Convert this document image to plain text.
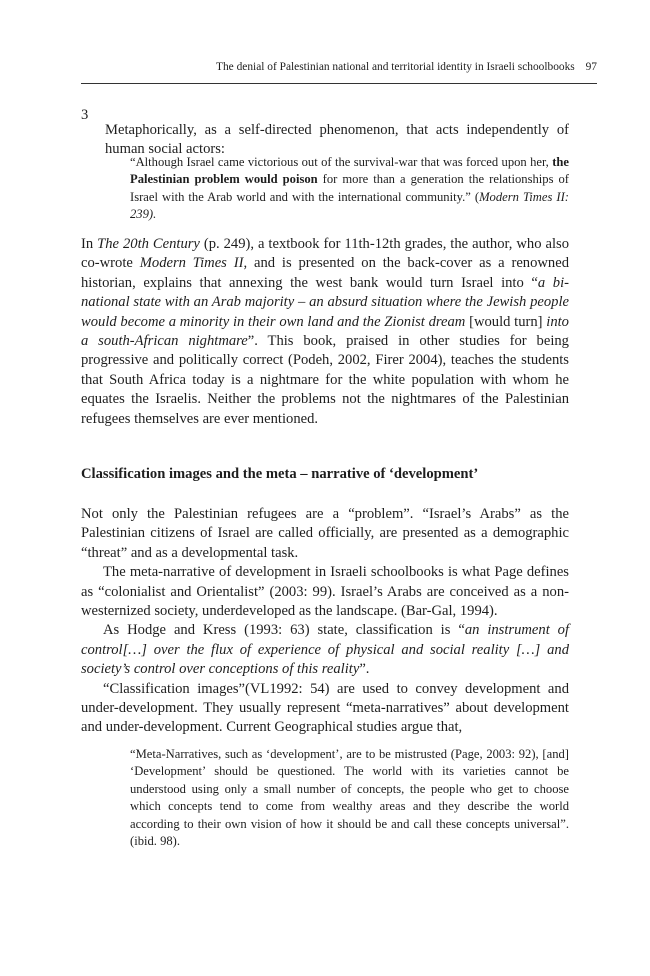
The denial of Palestinian national and territorial identity in Israeli schoolbooks 97
3

Metaphorically, as a self-directed phenomenon, that acts independently of human social actors:

“Although Israel came victorious out of the survival-war that was forced upon her, the Palestinian problem would poison for more than a generation the relationships of Israel with the Arab world and with the international community.” (Modern Times II: 239).

In The 20th Century (p. 249), a textbook for 11th-12th grades, the author, who also co-wrote Modern Times II, and is presented on the back-cover as a renowned historian, explains that annexing the west bank would turn Israel into “a bi-national state with an Arab majority – an absurd situation where the Jewish people would become a minority in their own land and the Zionist dream [would turn] into a south-African nightmare”. This book, praised in other studies for being progressive and politically correct (Podeh, 2002, Firer 2004), teaches the students that South Africa today is a nightmare for the white population with whom he equates the Israelis. Neither the problems not the nightmares of the Palestinian refugees themselves are ever mentioned.

Classification images and the meta – narrative of ‘development’

Not only the Palestinian refugees are a “problem”. “Israel’s Arabs” as the Palestinian citizens of Israel are called officially, are presented as a demographic “threat” and as a developmental task.

The meta-narrative of development in Israeli schoolbooks is what Page defines as “colonialist and Orientalist” (2003: 99). Israel’s Arabs are conceived as a non-westernized society, underdeveloped as the landscape. (Bar-Gal, 1994).

As Hodge and Kress (1993: 63) state, classification is “an instrument of control[…] over the flux of experience of physical and social reality […] and society’s control over conceptions of this reality”.

“Classification images”(VL1992: 54) are used to convey development and under-development. They usually represent “meta-narratives” about development and under-development. Current Geographical studies argue that,

“Meta-Narratives, such as ‘development’, are to be mistrusted (Page, 2003: 92), [and] ‘Development’ should be questioned. The world with its varieties cannot be understood using only a small number of concepts, the people who get to choose which concepts tend to come from wealthy areas and they describe the world according to their own vision of how it should be and call these concepts universal”. (ibid. 98).
